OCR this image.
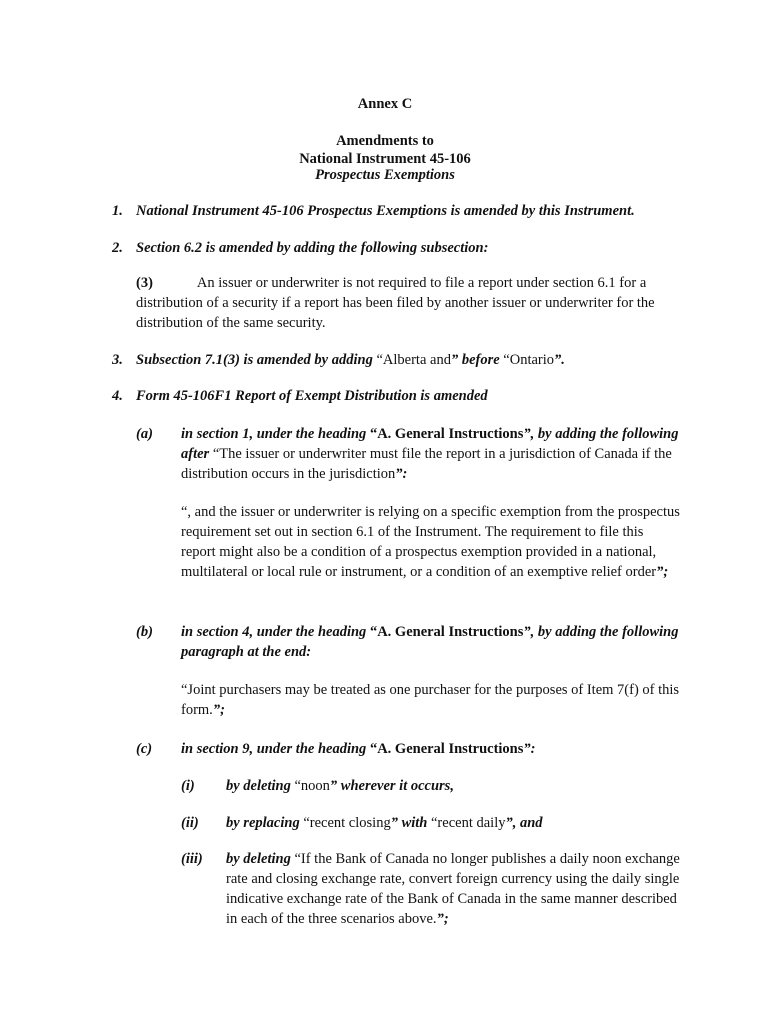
Annex C
Amendments to
National Instrument 45-106
Prospectus Exemptions
1. National Instrument 45-106 Prospectus Exemptions is amended by this Instrument.
2. Section 6.2 is amended by adding the following subsection:
(3)	An issuer or underwriter is not required to file a report under section 6.1 for a distribution of a security if a report has been filed by another issuer or underwriter for the distribution of the same security.
3. Subsection 7.1(3) is amended by adding “Alberta and” before “Ontario”.
4. Form 45-106F1 Report of Exempt Distribution is amended
(a) in section 1, under the heading “A. General Instructions”, by adding the following after “The issuer or underwriter must file the report in a jurisdiction of Canada if the distribution occurs in the jurisdiction”:
“, and the issuer or underwriter is relying on a specific exemption from the prospectus requirement set out in section 6.1 of the Instrument. The requirement to file this report might also be a condition of a prospectus exemption provided in a national, multilateral or local rule or instrument, or a condition of an exemptive relief order”;
(b) in section 4, under the heading “A. General Instructions”, by adding the following paragraph at the end:
“Joint purchasers may be treated as one purchaser for the purposes of Item 7(f) of this form.”;
(c) in section 9, under the heading “A. General Instructions”:
(i) by deleting “noon” wherever it occurs,
(ii) by replacing “recent closing” with “recent daily”, and
(iii) by deleting “If the Bank of Canada no longer publishes a daily noon exchange rate and closing exchange rate, convert foreign currency using the daily single indicative exchange rate of the Bank of Canada in the same manner described in each of the three scenarios above.”;
